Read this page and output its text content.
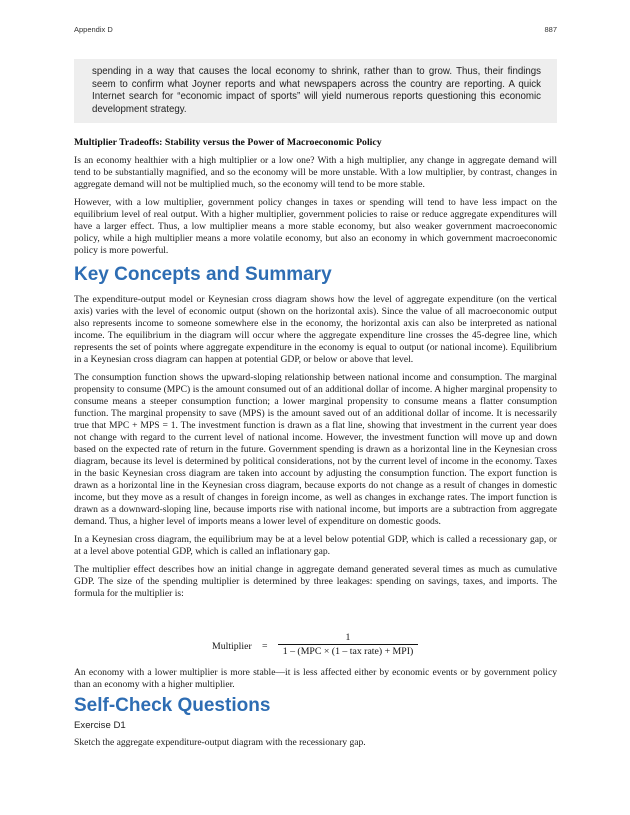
Appendix D	887

spending in a way that causes the local economy to shrink, rather than to grow. Thus, their findings seem to confirm what Joyner reports and what newspapers across the country are reporting. A quick Internet search for “economic impact of sports” will yield numerous reports questioning this economic development strategy.

Multiplier Tradeoffs: Stability versus the Power of Macroeconomic Policy

Is an economy healthier with a high multiplier or a low one? With a high multiplier, any change in aggregate demand will tend to be substantially magnified, and so the economy will be more unstable. With a low multiplier, by contrast, changes in aggregate demand will not be multiplied much, so the economy will tend to be more stable.

However, with a low multiplier, government policy changes in taxes or spending will tend to have less impact on the equilibrium level of real output. With a higher multiplier, government policies to raise or reduce aggregate expenditures will have a larger effect. Thus, a low multiplier means a more stable economy, but also weaker government macroeconomic policy, while a high multiplier means a more volatile economy, but also an economy in which government macroeconomic policy is more powerful.

Key Concepts and Summary

The expenditure-output model or Keynesian cross diagram shows how the level of aggregate expenditure (on the vertical axis) varies with the level of economic output (shown on the horizontal axis). Since the value of all macroeconomic output also represents income to someone somewhere else in the economy, the horizontal axis can also be interpreted as national income. The equilibrium in the diagram will occur where the aggregate expenditure line crosses the 45-degree line, which represents the set of points where aggregate expenditure in the economy is equal to output (or national income). Equilibrium in a Keynesian cross diagram can happen at potential GDP, or below or above that level.

The consumption function shows the upward-sloping relationship between national income and consumption. The marginal propensity to consume (MPC) is the amount consumed out of an additional dollar of income. A higher marginal propensity to consume means a steeper consumption function; a lower marginal propensity to consume means a flatter consumption function. The marginal propensity to save (MPS) is the amount saved out of an additional dollar of income. It is necessarily true that MPC + MPS = 1. The investment function is drawn as a flat line, showing that investment in the current year does not change with regard to the current level of national income. However, the investment function will move up and down based on the expected rate of return in the future. Government spending is drawn as a horizontal line in the Keynesian cross diagram, because its level is determined by political considerations, not by the current level of income in the economy. Taxes in the basic Keynesian cross diagram are taken into account by adjusting the consumption function. The export function is drawn as a horizontal line in the Keynesian cross diagram, because exports do not change as a result of changes in domestic income, but they move as a result of changes in foreign income, as well as changes in exchange rates. The import function is drawn as a downward-sloping line, because imports rise with national income, but imports are a subtraction from aggregate demand. Thus, a higher level of imports means a lower level of expenditure on domestic goods.

In a Keynesian cross diagram, the equilibrium may be at a level below potential GDP, which is called a recessionary gap, or at a level above potential GDP, which is called an inflationary gap.

The multiplier effect describes how an initial change in aggregate demand generated several times as much as cumulative GDP. The size of the spending multiplier is determined by three leakages: spending on savings, taxes, and imports. The formula for the multiplier is:

Multiplier =
1
1 – (MPC × (1 – tax rate) + MPI)

An economy with a lower multiplier is more stable—it is less affected either by economic events or by government policy than an economy with a higher multiplier.

Self-Check Questions
Exercise D1

Sketch the aggregate expenditure-output diagram with the recessionary gap.
